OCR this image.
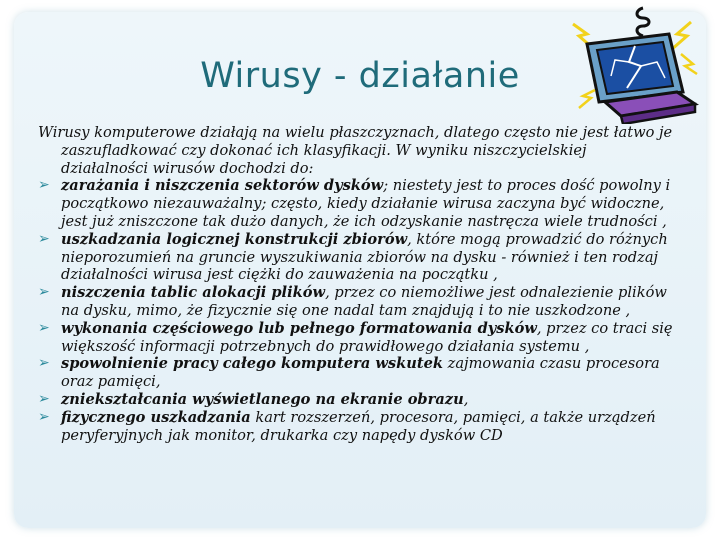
Wirusy - działanie

Wirusy komputerowe działają na wielu płaszczyznach, dlatego często nie jest łatwo je zaszufladkować czy dokonać ich klasyfikacji. W wyniku niszczycielskiej działalności wirusów dochodzi do:

➢ zarażania i niszczenia sektorów dysków; niestety jest to proces dość powolny i początkowo niezauważalny; często, kiedy działanie wirusa zaczyna być widoczne, jest już zniszczone tak dużo danych, że ich odzyskanie nastręcza wiele trudności ,
➢ uszkadzania logicznej konstrukcji zbiorów, które mogą prowadzić do różnych nieporozumień na gruncie wyszukiwania zbiorów na dysku - również i ten rodzaj działalności wirusa jest ciężki do zauważenia na początku ,
➢ niszczenia tablic alokacji plików, przez co niemożliwe jest odnalezienie plików na dysku, mimo, że fizycznie się one nadal tam znajdują i to nie uszkodzone ,
➢ wykonania częściowego lub pełnego formatowania dysków, przez co traci się większość informacji potrzebnych do prawidłowego działania systemu ,
➢ spowolnienie pracy całego komputera wskutek zajmowania czasu procesora oraz pamięci,
➢ zniekształcania wyświetlanego na ekranie obrazu,
➢ fizycznego uszkadzania kart rozszerzeń, procesora, pamięci, a także urządzeń peryferyjnych jak monitor, drukarka czy napędy dysków CD
